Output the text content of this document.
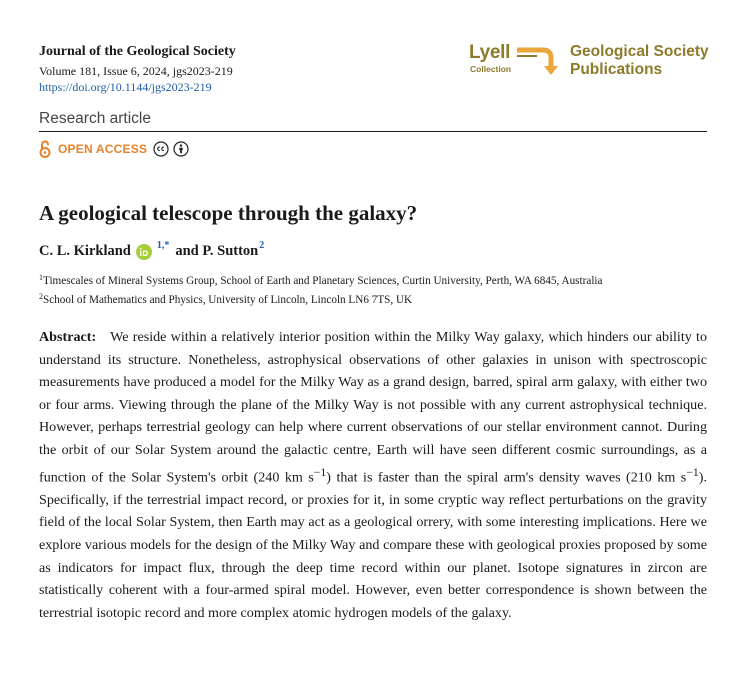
Journal of the Geological Society
Volume 181, Issue 6, 2024, jgs2023-219
https://doi.org/10.1144/jgs2023-219
Lyell
Collection
Geological Society
Publications
Research article
OPEN ACCESS
A geological telescope through the galaxy?
C. L. Kirkland	1,* and P. Sutton 2
$^1$Timescales of Mineral Systems Group, School of Earth and Planetary Sciences, Curtin University, Perth, WA 6845, Australia
$^2$School of Mathematics and Physics, University of Lincoln, Lincoln LN6 7TS, UK
Abstract: We reside within a relatively interior position within the Milky Way galaxy, which hinders our ability to understand its structure. Nonetheless, astrophysical observations of other galaxies in unison with spectroscopic measurements have produced a model for the Milky Way as a grand design, barred, spiral arm galaxy, with either two or four arms. Viewing through the plane of the Milky Way is not possible with any current astrophysical technique. However, perhaps terrestrial geology can help where current observations of our stellar environment cannot. During the orbit of our Solar System around the galactic centre, Earth will have seen different cosmic surroundings, as a function of the Solar System's orbit (240 km $s^{-1}$) that is faster than the spiral arm's density waves (210 km $s^{-1}$). Specifically, if the terrestrial impact record, or proxies for it, in some cryptic way reflect perturbations on the gravity field of the local Solar System, then Earth may act as a geological orrery, with some interesting implications. Here we explore various models for the design of the Milky Way and compare these with geological proxies proposed by some as indicators for impact flux, through the deep time record within our planet. Isotope signatures in zircon are statistically coherent with a four-armed spiral model. However, even better correspondence is shown between the terrestrial isotopic record and more complex atomic hydrogen models of the galaxy.
